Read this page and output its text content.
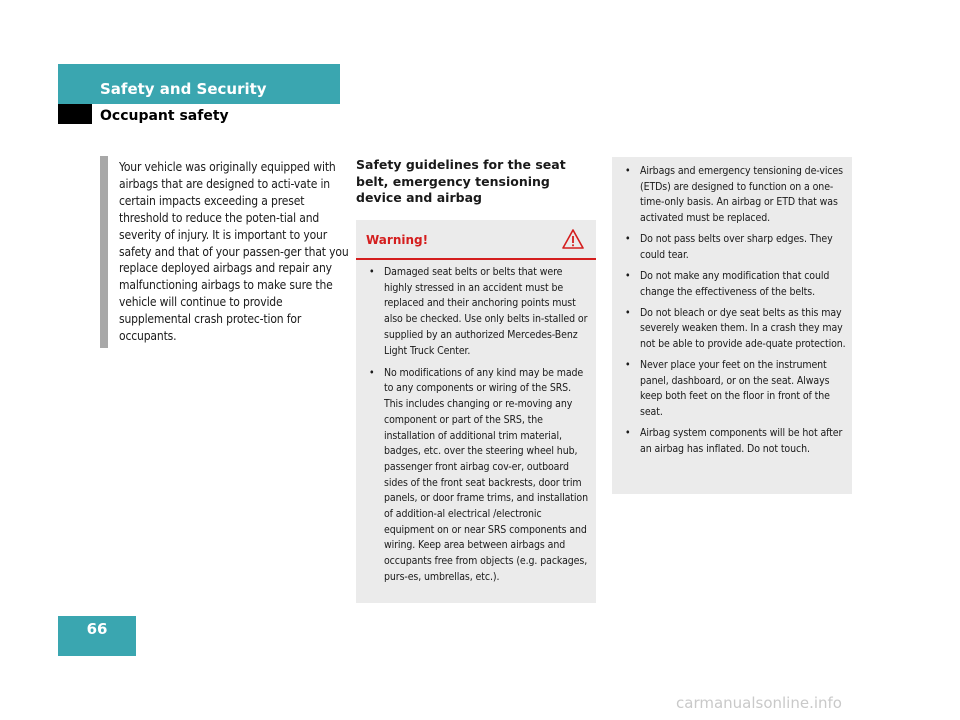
Safety and Security
Occupant safety

Your vehicle was originally equipped with airbags that are designed to acti-vate in certain impacts exceeding a preset threshold to reduce the poten-tial and severity of injury. It is important to your safety and that of your passen-ger that you replace deployed airbags and repair any malfunctioning airbags to make sure the vehicle will continue to provide supplemental crash protec-tion for occupants.

Safety guidelines for the seat belt, emergency tensioning device and airbag
Warning!
• Damaged seat belts or belts that were highly stressed in an accident must be replaced and their anchoring points must also be checked. Use only belts in-stalled or supplied by an authorized Mercedes-Benz Light Truck Center.
• No modifications of any kind may be made to any components or wiring of the SRS. This includes changing or re-moving any component or part of the SRS, the installation of additional trim material, badges, etc. over the steering wheel hub, passenger front airbag cov-er, outboard sides of the front seat backrests, door trim panels, or door frame trims, and installation of addition-al electrical /electronic equipment on or near SRS components and wiring. Keep area between airbags and occupants free from objects (e.g. packages, purs-es, umbrellas, etc.).
• Airbags and emergency tensioning de-vices (ETDs) are designed to function on a one-time-only basis. An airbag or ETD that was activated must be replaced.
• Do not pass belts over sharp edges. They could tear.
• Do not make any modification that could change the effectiveness of the belts.
• Do not bleach or dye seat belts as this may severely weaken them. In a crash they may not be able to provide ade-quate protection.
• Never place your feet on the instrument panel, dashboard, or on the seat. Always keep both feet on the floor in front of the seat.
• Airbag system components will be hot after an airbag has inflated. Do not touch.
66
carmanualsonline.info
